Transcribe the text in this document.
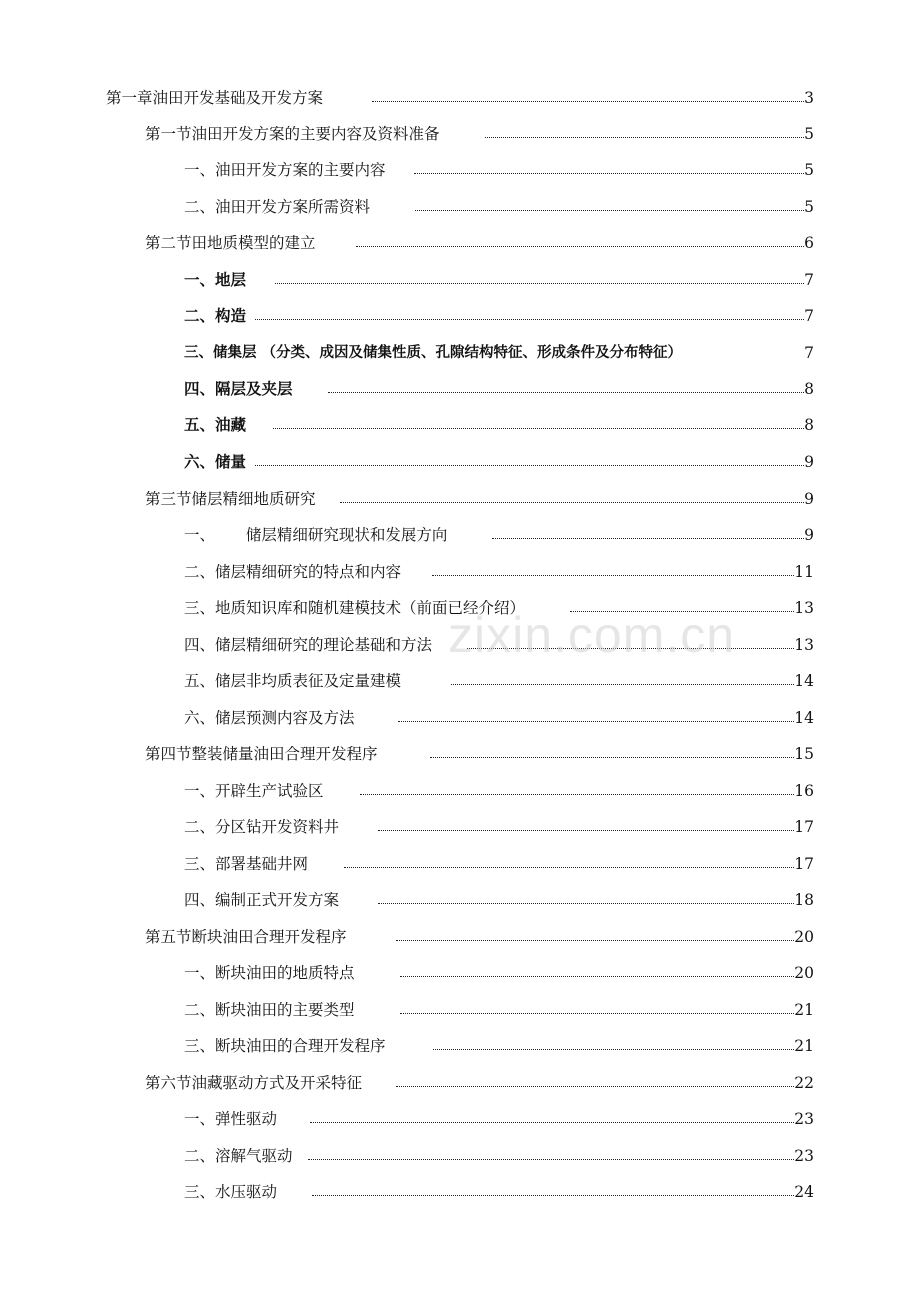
第一章油田开发基础及开发方案	3
第一节油田开发方案的主要内容及资料准备	5
一、油田开发方案的主要内容	5
二、油田开发方案所需资料	5
第二节田地质模型的建立	6
一、地层	7
二、构造	7
三、储集层 （分类、成因及储集性质、孔隙结构特征、形成条件及分布特征）	7
四、隔层及夹层	8
五、油藏	8
六、储量	9
第三节储层精细地质研究	9
一、 储层精细研究现状和发展方向	9
二、储层精细研究的特点和内容	11
三、地质知识库和随机建模技术（前面已经介绍）	13
四、储层精细研究的理论基础和方法	13
五、储层非均质表征及定量建模	14
六、储层预测内容及方法	14
第四节整装储量油田合理开发程序	15
一、开辟生产试验区	16
二、分区钻开发资料井	17
三、部署基础井网	17
四、编制正式开发方案	18
第五节断块油田合理开发程序	20
一、断块油田的地质特点	20
二、断块油田的主要类型	21
三、断块油田的合理开发程序	21
第六节油藏驱动方式及开采特征	22
一、弹性驱动	23
二、溶解气驱动	23
三、水压驱动	24
zixin.com.cn
